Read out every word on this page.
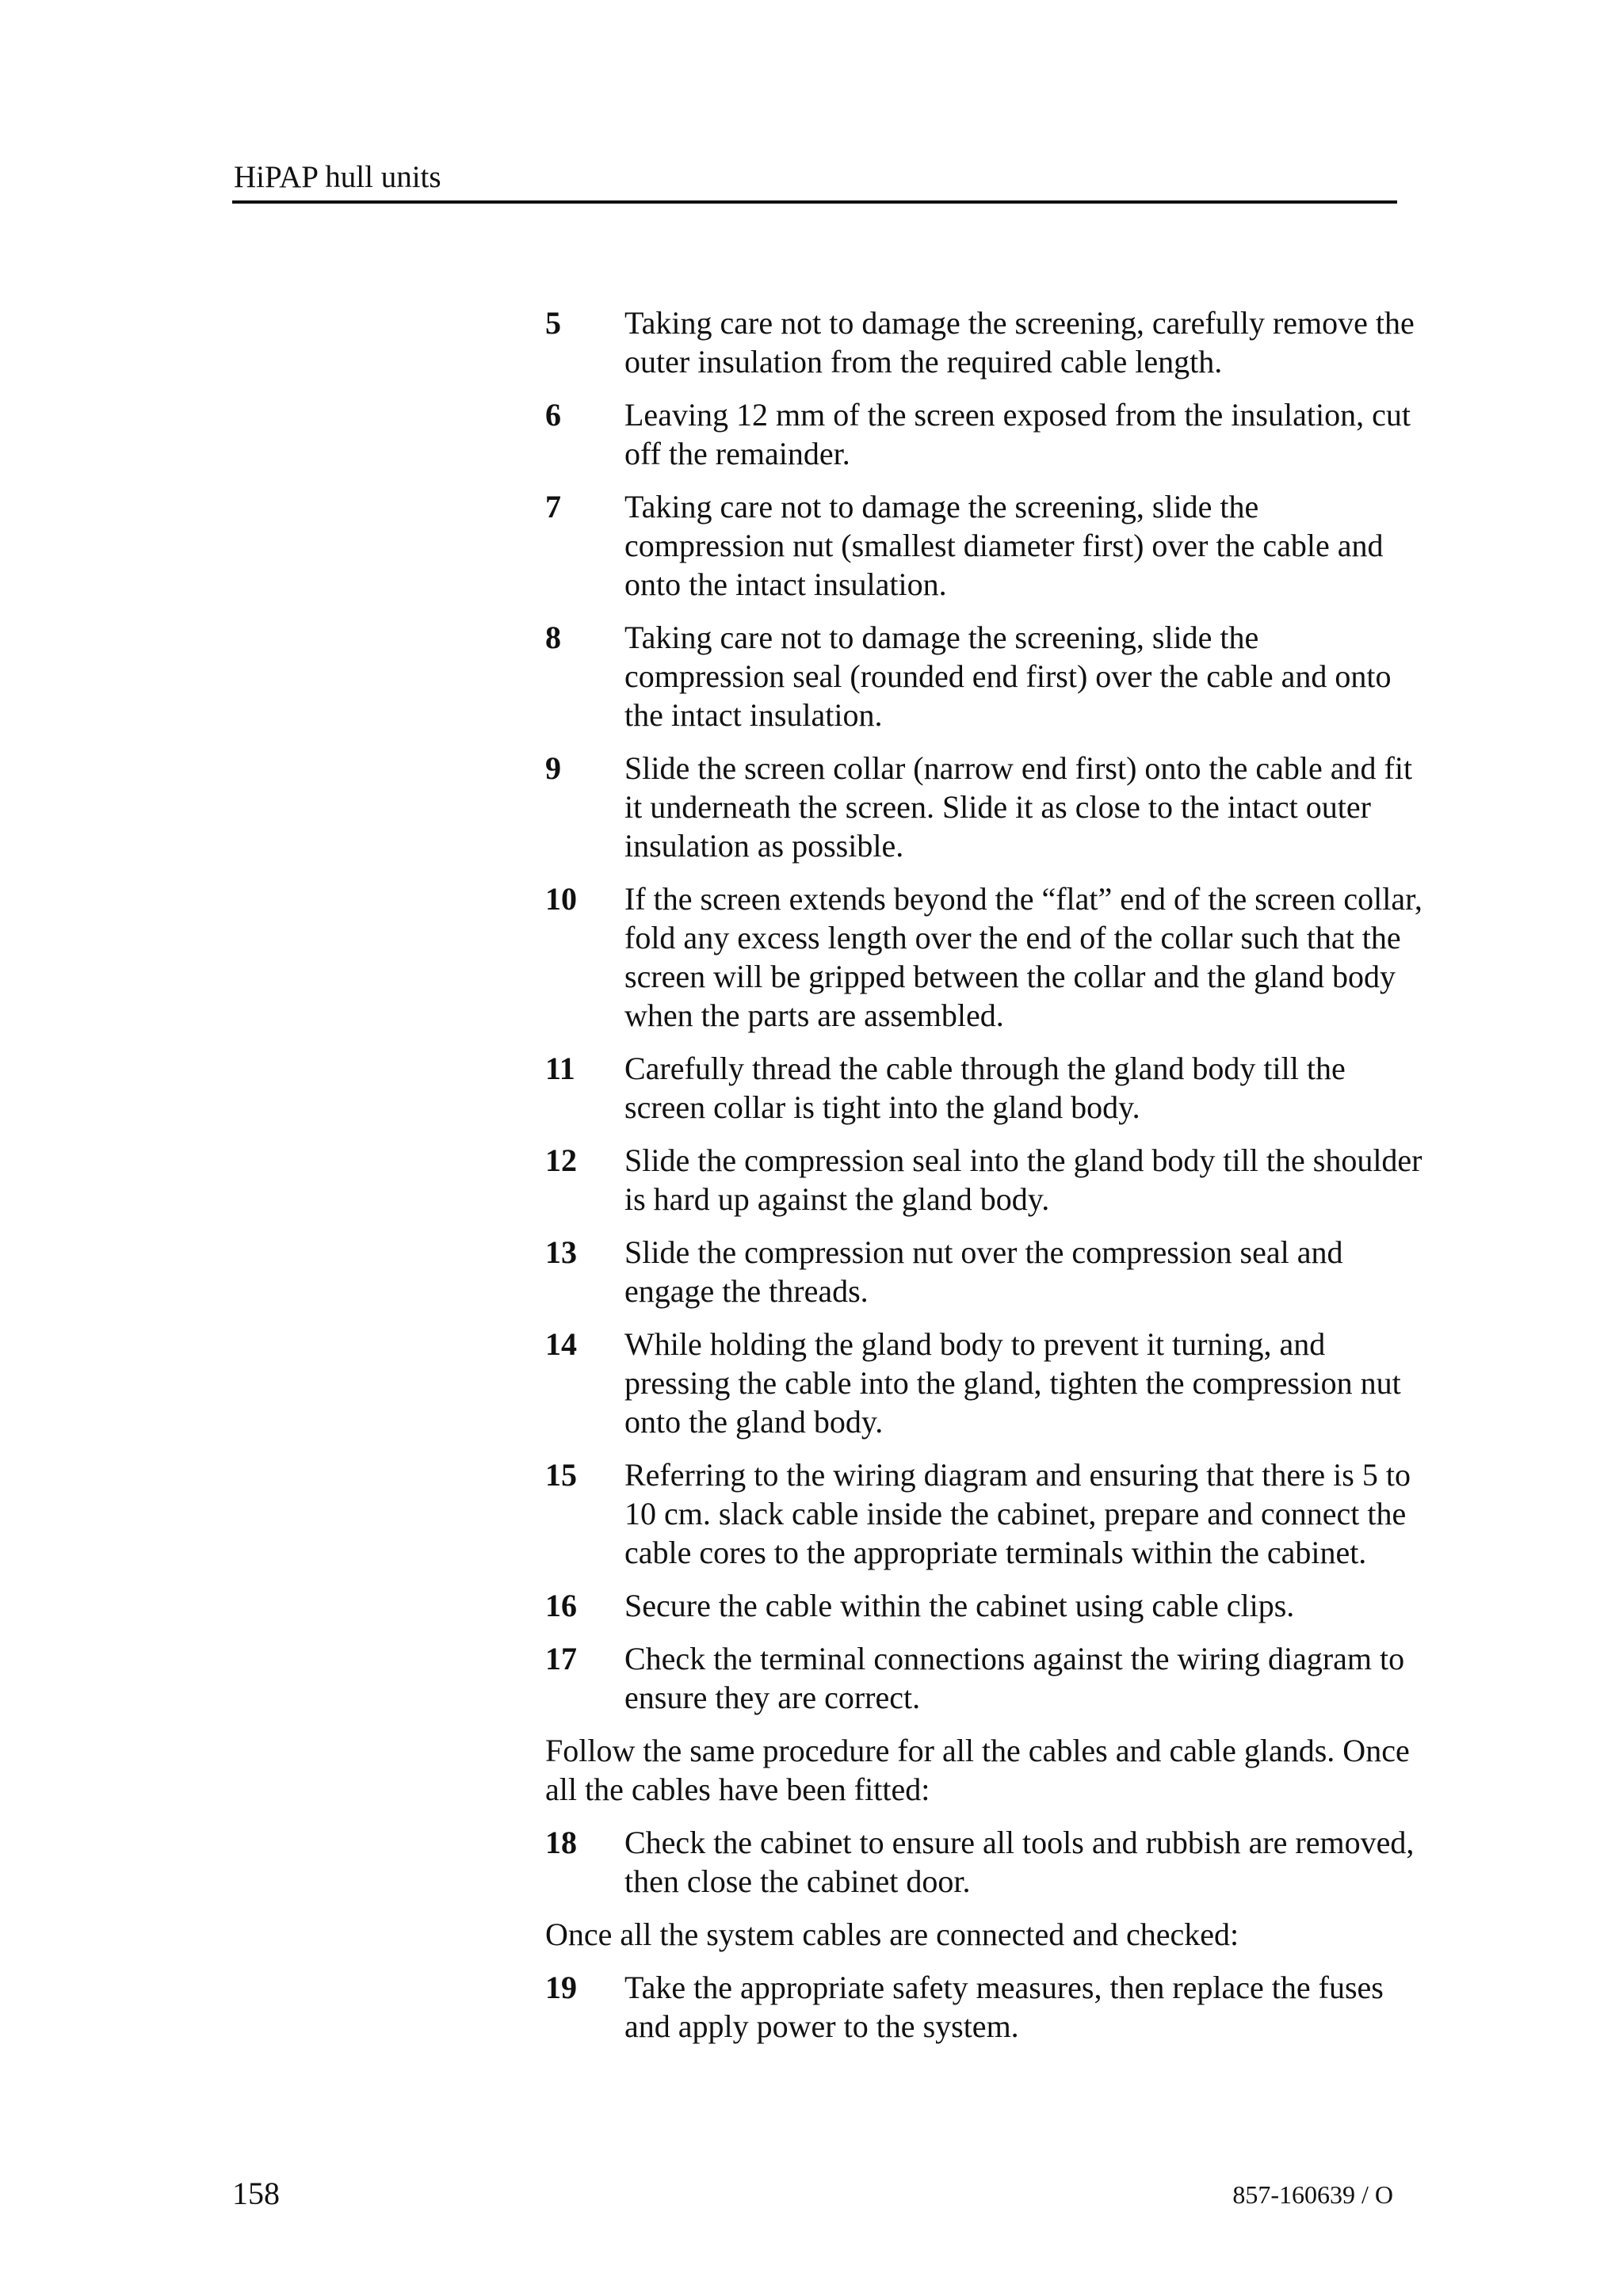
HiPAP hull units
5	Taking care not to damage the screening, carefully remove the outer insulation from the required cable length.
6	Leaving 12 mm of the screen exposed from the insulation, cut off the remainder.
7	Taking care not to damage the screening, slide the compression nut (smallest diameter first) over the cable and onto the intact insulation.
8	Taking care not to damage the screening, slide the compression seal (rounded end first) over the cable and onto the intact insulation.
9	Slide the screen collar (narrow end first) onto the cable and fit it underneath the screen. Slide it as close to the intact outer insulation as possible.
10	If the screen extends beyond the “flat” end of the screen collar, fold any excess length over the end of the collar such that the screen will be gripped between the collar and the gland body when the parts are assembled.
11	Carefully thread the cable through the gland body till the screen collar is tight into the gland body.
12	Slide the compression seal into the gland body till the shoulder is hard up against the gland body.
13	Slide the compression nut over the compression seal and engage the threads.
14	While holding the gland body to prevent it turning, and pressing the cable into the gland, tighten the compression nut onto the gland body.
15	Referring to the wiring diagram and ensuring that there is 5 to 10 cm. slack cable inside the cabinet, prepare and connect the cable cores to the appropriate terminals within the cabinet.
16	Secure the cable within the cabinet using cable clips.
17	Check the terminal connections against the wiring diagram to ensure they are correct.
Follow the same procedure for all the cables and cable glands. Once all the cables have been fitted:
18	Check the cabinet to ensure all tools and rubbish are removed, then close the cabinet door.
Once all the system cables are connected and checked:
19	Take the appropriate safety measures, then replace the fuses and apply power to the system.
158	857-160639 / O
